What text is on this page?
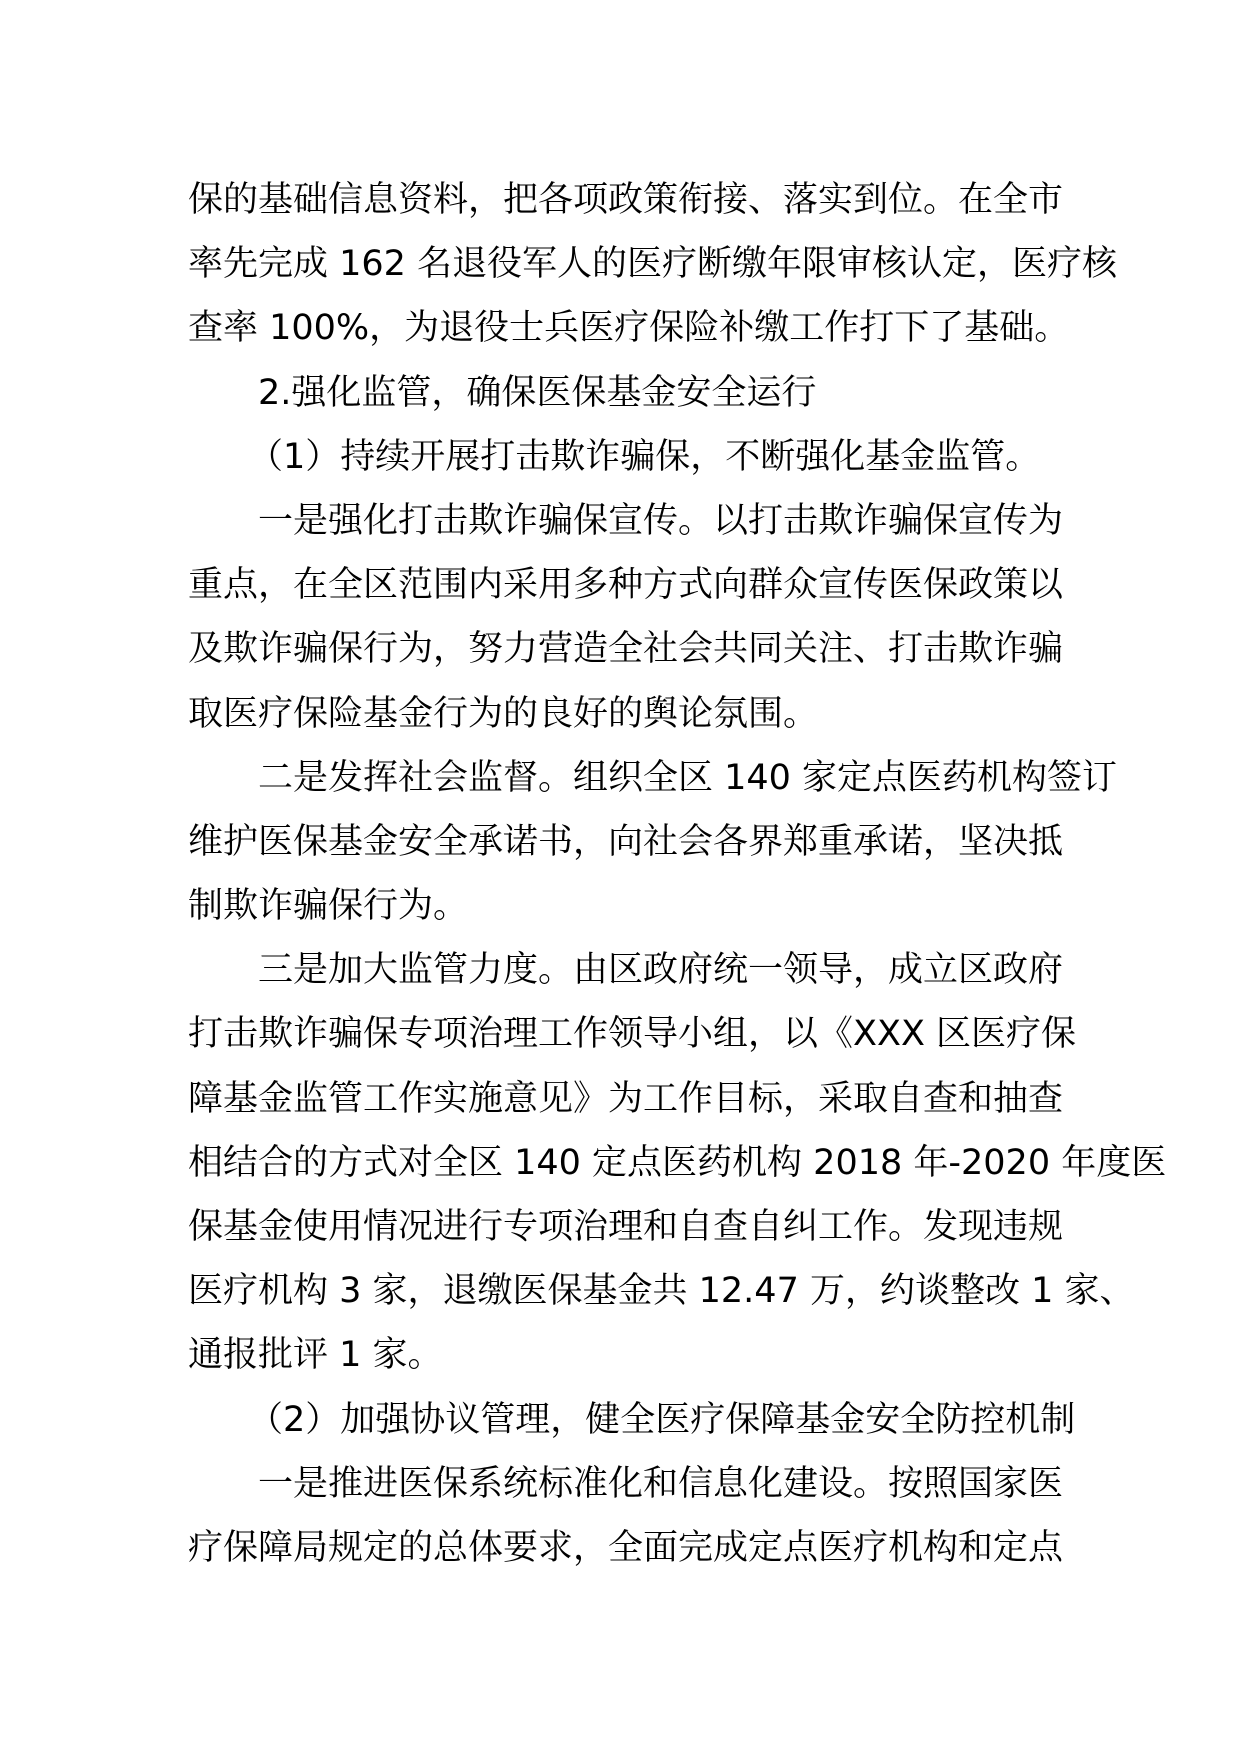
保的基础信息资料，把各项政策衔接、落实到位。在全市
率先完成 162 名退役军人的医疗断缴年限审核认定，医疗核
查率 100%，为退役士兵医疗保险补缴工作打下了基础。
2.强化监管，确保医保基金安全运行
（1）持续开展打击欺诈骗保，不断强化基金监管。
一是强化打击欺诈骗保宣传。以打击欺诈骗保宣传为
重点，在全区范围内采用多种方式向群众宣传医保政策以
及欺诈骗保行为，努力营造全社会共同关注、打击欺诈骗
取医疗保险基金行为的良好的舆论氛围。
二是发挥社会监督。组织全区 140 家定点医药机构签订
维护医保基金安全承诺书，向社会各界郑重承诺，坚决抵
制欺诈骗保行为。
三是加大监管力度。由区政府统一领导，成立区政府
打击欺诈骗保专项治理工作领导小组，以《XXX 区医疗保
障基金监管工作实施意见》为工作目标，采取自查和抽查
相结合的方式对全区 140 定点医药机构 2018 年-2020 年度医
保基金使用情况进行专项治理和自查自纠工作。发现违规
医疗机构 3 家，退缴医保基金共 12.47 万，约谈整改 1 家、
通报批评 1 家。
（2）加强协议管理，健全医疗保障基金安全防控机制
一是推进医保系统标准化和信息化建设。按照国家医
疗保障局规定的总体要求，全面完成定点医疗机构和定点
